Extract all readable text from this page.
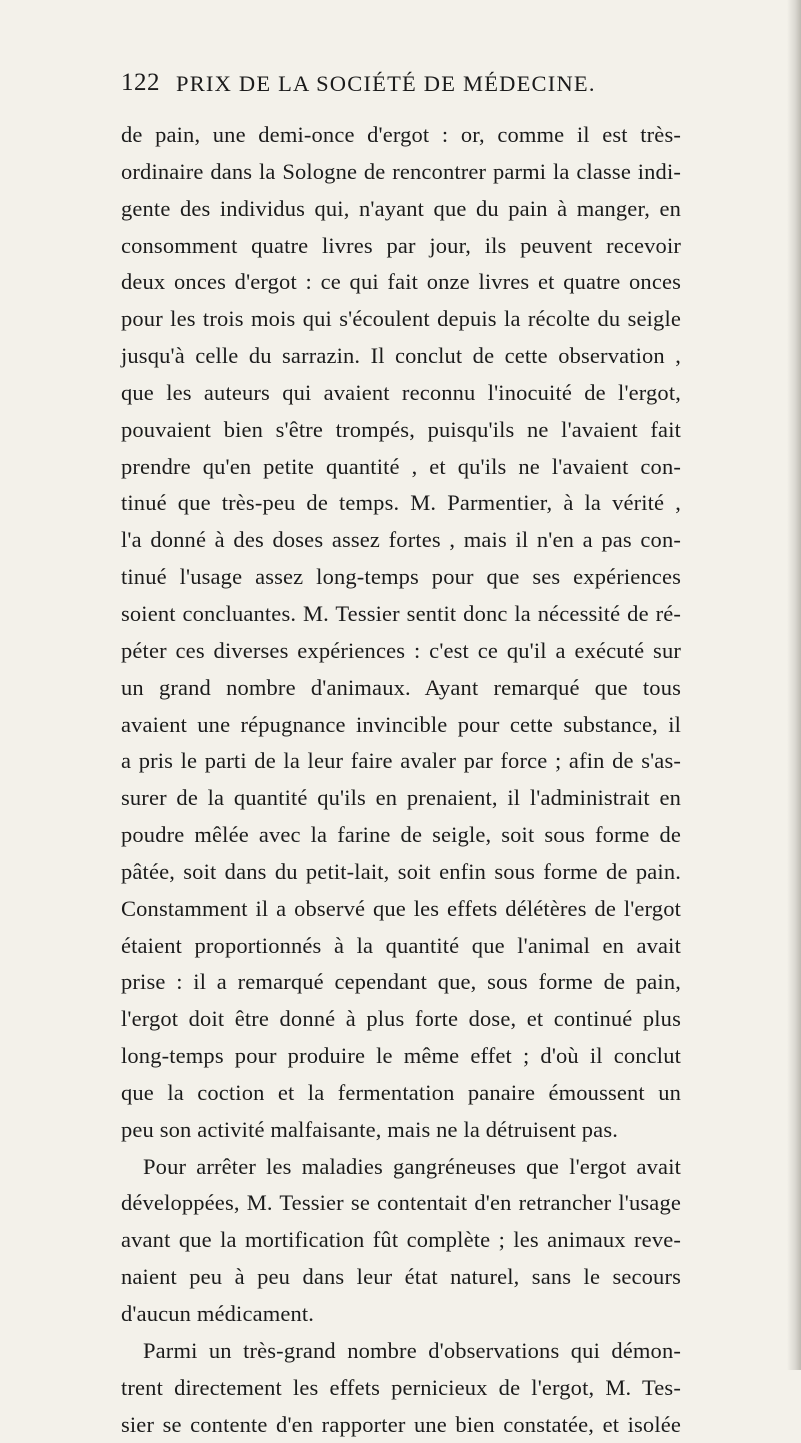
122 PRIX DE LA SOCIÉTÉ DE MÉDECINE.
de pain, une demi-once d'ergot : or, comme il est très-
ordinaire dans la Sologne de rencontrer parmi la classe indi-
gente des individus qui, n'ayant que du pain à manger, en
consomment quatre livres par jour, ils peuvent recevoir
deux onces d'ergot : ce qui fait onze livres et quatre onces
pour les trois mois qui s'écoulent depuis la récolte du seigle
jusqu'à celle du sarrazin. Il conclut de cette observation ,
que les auteurs qui avaient reconnu l'inocuité de l'ergot,
pouvaient bien s'être trompés, puisqu'ils ne l'avaient fait
prendre qu'en petite quantité , et qu'ils ne l'avaient con-
tinué que très-peu de temps. M. Parmentier, à la vérité ,
l'a donné à des doses assez fortes , mais il n'en a pas con-
tinué l'usage assez long-temps pour que ses expériences
soient concluantes. M. Tessier sentit donc la nécessité de ré-
péter ces diverses expériences : c'est ce qu'il a exécuté sur
un grand nombre d'animaux. Ayant remarqué que tous
avaient une répugnance invincible pour cette substance, il
a pris le parti de la leur faire avaler par force ; afin de s'as-
surer de la quantité qu'ils en prenaient, il l'administrait en
poudre mêlée avec la farine de seigle, soit sous forme de
pâtée, soit dans du petit-lait, soit enfin sous forme de pain.
Constamment il a observé que les effets délétères de l'ergot
étaient proportionnés à la quantité que l'animal en avait
prise : il a remarqué cependant que, sous forme de pain,
l'ergot doit être donné à plus forte dose, et continué plus
long-temps pour produire le même effet ; d'où il conclut
que la coction et la fermentation panaire émoussent un
peu son activité malfaisante, mais ne la détruisent pas.
Pour arrêter les maladies gangréneuses que l'ergot avait
développées, M. Tessier se contentait d'en retrancher l'usage
avant que la mortification fût complète ; les animaux reve-
naient peu à peu dans leur état naturel, sans le secours
d'aucun médicament.
Parmi un très-grand nombre d'observations qui démon-
trent directement les effets pernicieux de l'ergot, M. Tes-
sier se contente d'en rapporter une bien constatée, et isolée
